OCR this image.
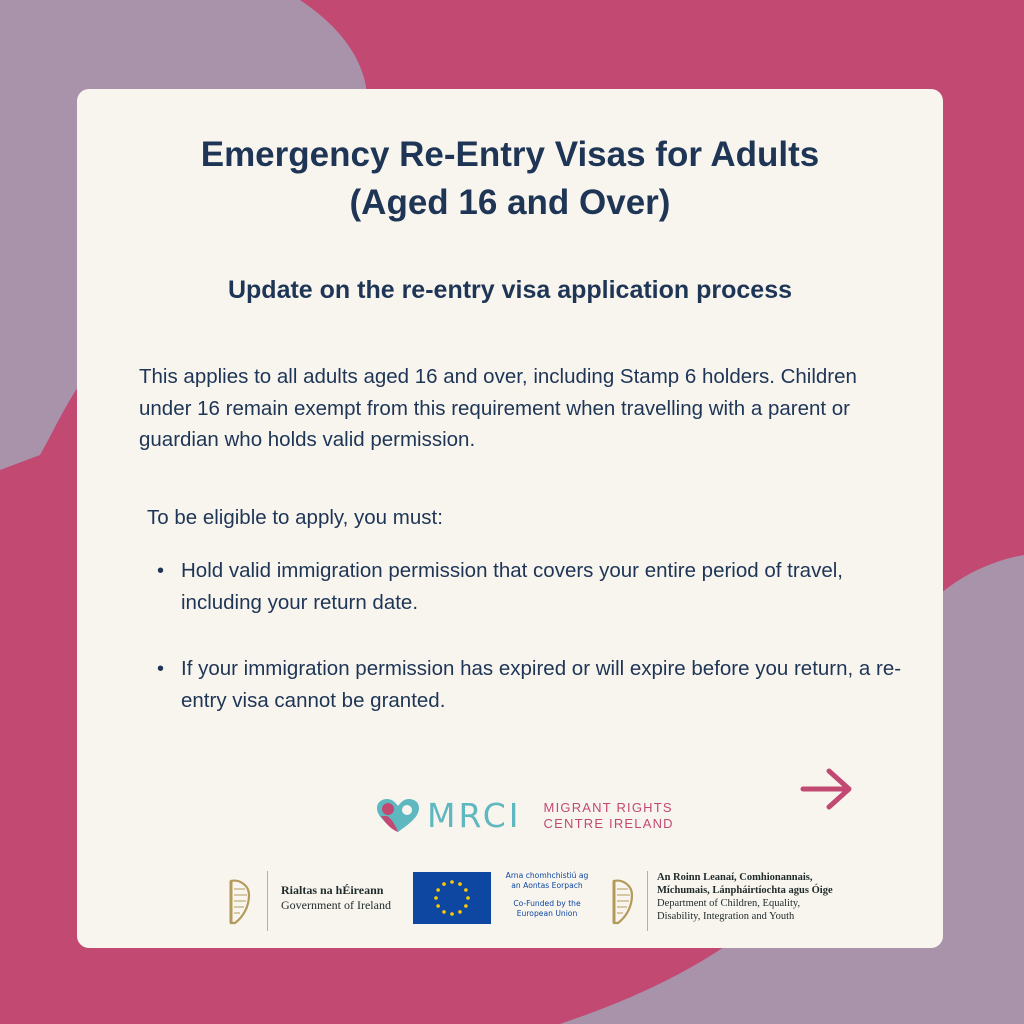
Emergency Re-Entry Visas for Adults
(Aged 16 and Over)
Update on the re-entry visa application process

This applies to all adults aged 16 and over, including Stamp 6 holders. Children under 16 remain exempt from this requirement when travelling with a parent or guardian who holds valid permission.

To be eligible to apply, you must:

• Hold valid immigration permission that covers your entire period of travel, including your return date.
• If your immigration permission has expired or will expire before you return, a re-entry visa cannot be granted.
MRCI MIGRANT RIGHTS
CENTRE IRELAND
Rialtas na hÉireann
Government of Ireland
Arna chomhchistiú ag
an Aontas Eorpach
Co-Funded by the
European Union
An Roinn Leanaí, Comhionannais,
Míchumais, Lánpháirtíochta agus Óige
Department of Children, Equality,
Disability, Integration and Youth
